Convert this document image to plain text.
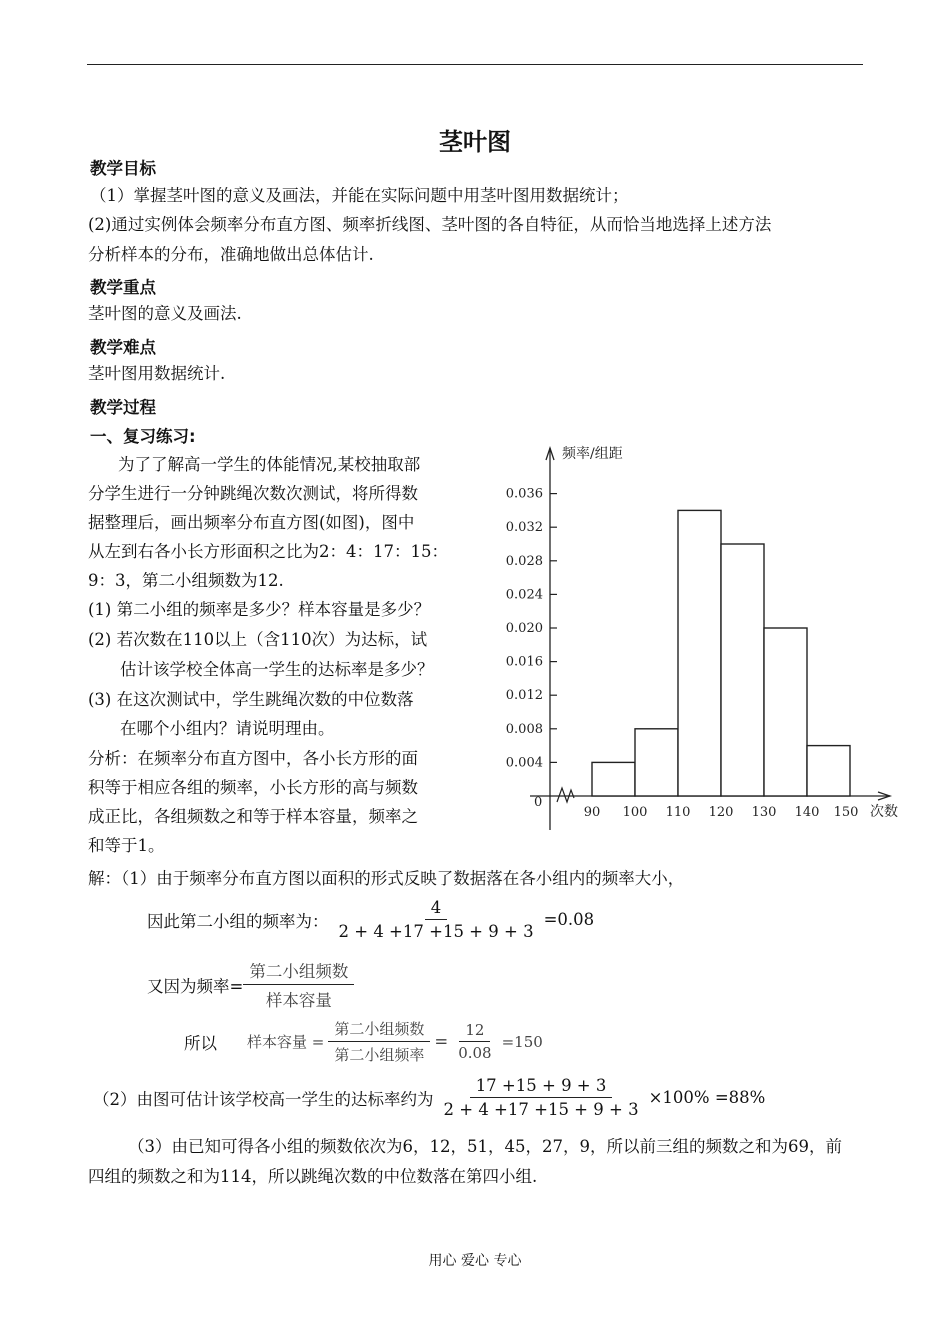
茎叶图
教学目标
（1）掌握茎叶图的意义及画法，并能在实际问题中用茎叶图用数据统计；
(2)通过实例体会频率分布直方图、频率折线图、茎叶图的各自特征，从而恰当地选择上述方法
分析样本的分布，准确地做出总体估计.
教学重点
茎叶图的意义及画法.
教学难点
茎叶图用数据统计.
教学过程
一、复习练习:
为了了解高一学生的体能情况,某校抽取部
分学生进行一分钟跳绳次数次测试，将所得数
据整理后，画出频率分布直方图(如图)，图中
从左到右各小长方形面积之比为2：4：17：15：
9：3，第二小组频数为12.
(1) 第二小组的频率是多少？样本容量是多少？
(2) 若次数在110以上（含110次）为达标，试
估计该学校全体高一学生的达标率是多少？
(3) 在这次测试中，学生跳绳次数的中位数落
在哪个小组内？请说明理由。
分析：在频率分布直方图中，各小长方形的面
积等于相应各组的频率，小长方形的高与频数
成正比，各组频数之和等于样本容量，频率之
和等于1。
频率/组距
次数
0
0.004
0.008
0.012
0.016
0.020
0.024
0.028
0.032
0.036
90 100 110 120 130 140 150
解：（1）由于频率分布直方图以面积的形式反映了数据落在各小组内的频率大小，
因此第二小组的频率为： $\frac{4}{2 + 4 +17 +15 + 9 + 3} =0.08$
又因为频率= $\frac{\text{第二小组频数}}{\text{样本容量}}$
所以 样本容量 = $\frac{\text{第二小组频数}}{\text{第二小组频率}} = \frac{12}{0.08} =150$
（2）由图可估计该学校高一学生的达标率约为 $\frac{17 +15 + 9 + 3}{2 + 4 +17 +15 + 9 + 3} \times 100\% =88\%$
（3）由已知可得各小组的频数依次为6，12，51，45，27，9，所以前三组的频数之和为69，前
四组的频数之和为114，所以跳绳次数的中位数落在第四小组.
用心 爱心 专心
